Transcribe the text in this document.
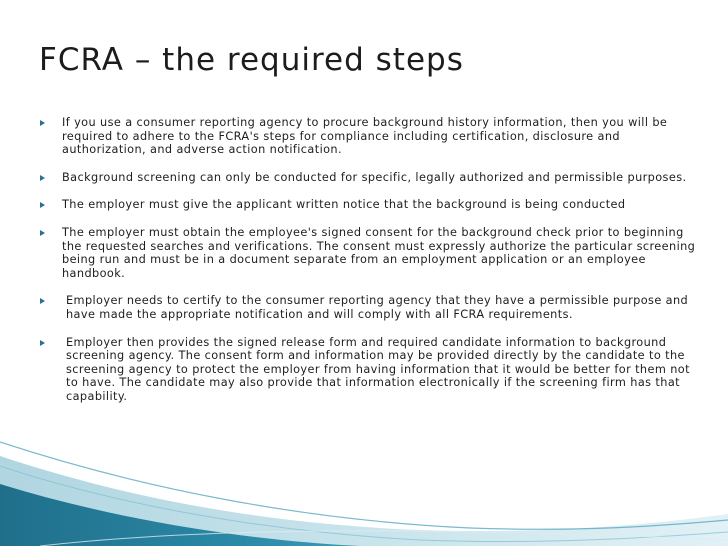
FCRA – the required steps
If you use a consumer reporting agency to procure background history information, then you will be required to adhere to the FCRA's steps for compliance including certification, disclosure and authorization, and adverse action notification.
Background screening can only be conducted for specific, legally authorized and permissible purposes.
The employer must give the applicant written notice that the background is being conducted
The employer must obtain the employee's signed consent for the background check prior to beginning the requested searches and verifications. The consent must expressly authorize the particular screening being run and must be in a document separate from an employment application or an employee handbook.
Employer needs to certify to the consumer reporting agency that they have a permissible purpose and have made the appropriate notification and will comply with all FCRA requirements.
Employer then provides the signed release form and required candidate information to background screening agency. The consent form and information may be provided directly by the candidate to the screening agency to protect the employer from having information that it would be better for them not to have. The candidate may also provide that information electronically if the screening firm has that capability.
